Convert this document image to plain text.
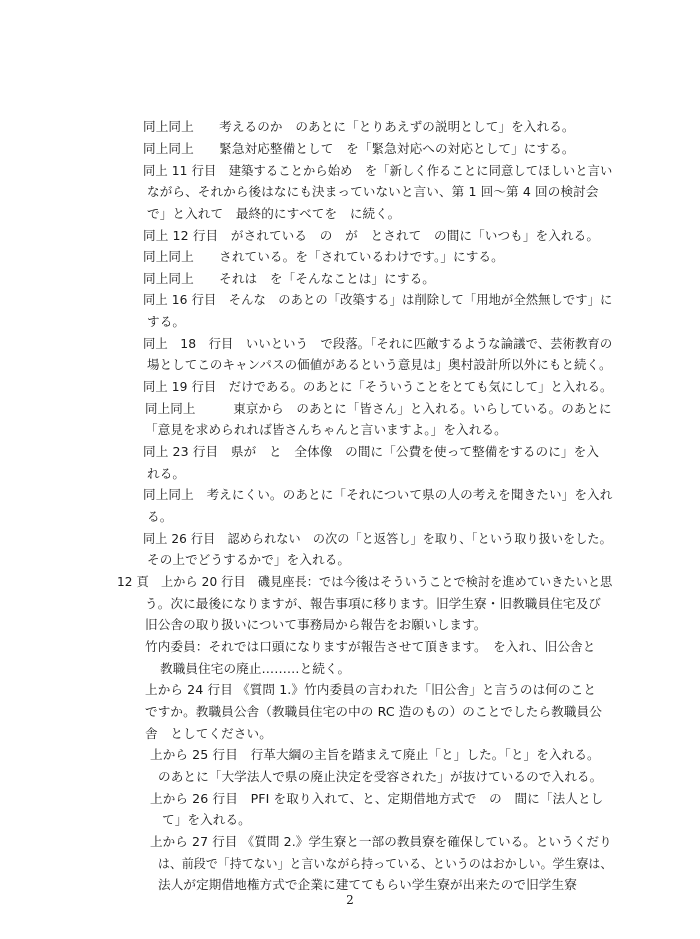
同上同上　　考えるのか　のあとに「とりあえずの説明として」を入れる。
同上同上　　緊急対応整備として　を「緊急対応への対応として」にする。
同上 11 行目　建築することから始め　を「新しく作ることに同意してほしいと言い
ながら、それから後はなにも決まっていないと言い、第 1 回〜第 4 回の検討会
で」と入れて　最終的にすべてを　に続く。
同上 12 行目　がされている　の　が　とされて　の間に「いつも」を入れる。
同上同上　　されている。を「されているわけです。」にする。
同上同上　　それは　を「そんなことは」にする。
同上 16 行目　そんな　のあとの「改築する」は削除して「用地が全然無しです」に
する。
同上　18　行目　いいという　で段落。「それに匹敵するような論議で、芸術教育の
場としてこのキャンパスの価値があるという意見は」奥村設計所以外にもと続く。
同上 19 行目　だけである。のあとに「そういうことをとても気にして」と入れる。
同上同上　　　東京から　のあとに「皆さん」と入れる。いらしている。のあとに
「意見を求められれば皆さんちゃんと言いますよ。」を入れる。
同上 23 行目　県が　と　全体像　の間に「公費を使って整備をするのに」を入
れる。
同上同上　考えにくい。のあとに「それについて県の人の考えを聞きたい」を入れ
る。
同上 26 行目　認められない　の次の「と返答し」を取り、「という取り扱いをした。
その上でどうするかで」を入れる。
12 頁　上から 20 行目　磯見座長：では今後はそういうことで検討を進めていきたいと思
う。次に最後になりますが、報告事項に移ります。旧学生寮・旧教職員住宅及び
旧公舎の取り扱いについて事務局から報告をお願いします。
竹内委員：それでは口頭になりますが報告させて頂きます。　を入れ、旧公舎と
教職員住宅の廃止………と続く。
上から 24 行目 《質問 1.》竹内委員の言われた「旧公舎」と言うのは何のこと
ですか。教職員公舎（教職員住宅の中の RC 造のもの）のことでしたら教職員公
舎　としてください。
上から 25 行目　行革大綱の主旨を踏まえて廃止「と」した。「と」を入れる。
のあとに「大学法人で県の廃止決定を受容された」が抜けているので入れる。
上から 26 行目　PFI を取り入れて、と、定期借地方式で　の　間に「法人とし
て」を入れる。
上から 27 行目 《質問 2.》学生寮と一部の教員寮を確保している。というくだり
は、前段で「持てない」と言いながら持っている、というのはおかしい。学生寮は、
法人が定期借地権方式で企業に建ててもらい学生寮が出来たので旧学生寮
2
